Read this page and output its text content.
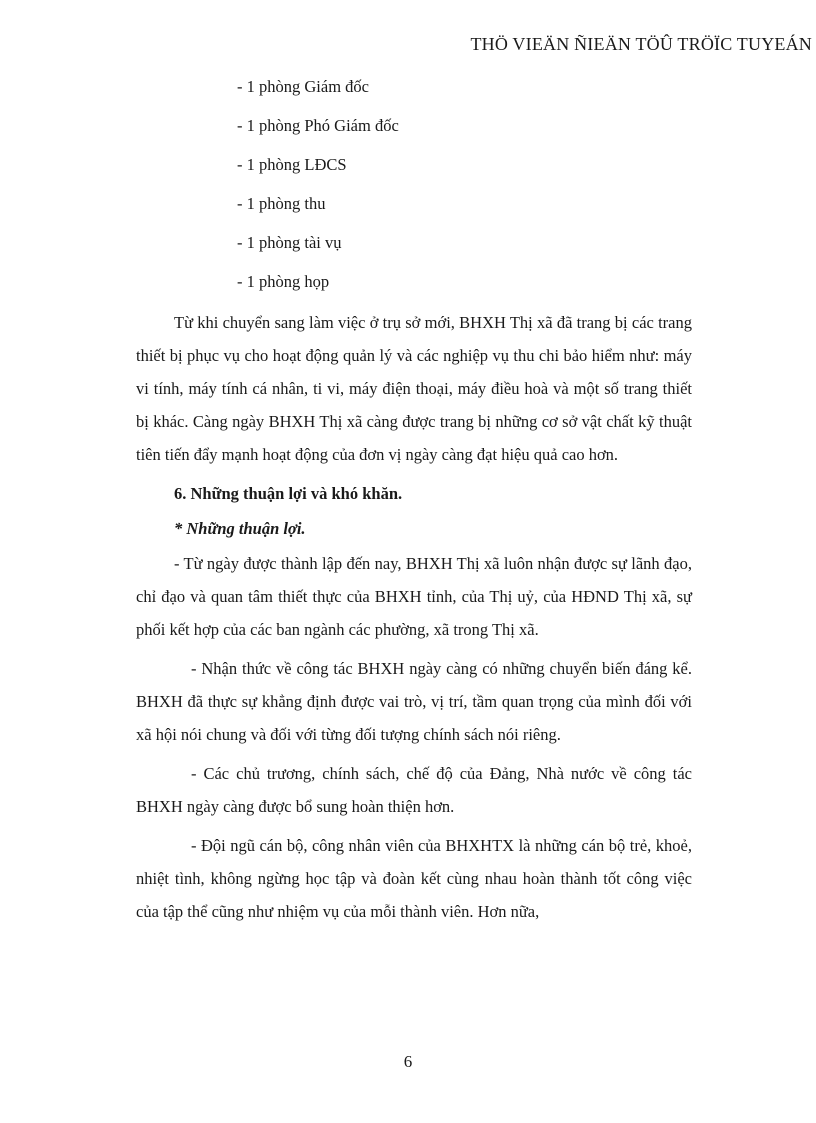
THÖ VIEÄN ÑIEÄN TÖÛ TRÖÏC TUYEÁN
- 1 phòng Giám đốc
- 1 phòng Phó Giám đốc
- 1 phòng LĐCS
- 1 phòng thu
- 1 phòng tài vụ
- 1 phòng họp

Từ khi chuyển sang làm việc ở trụ sở mới, BHXH Thị xã đã trang bị các trang thiết bị phục vụ cho hoạt động quản lý và các nghiệp vụ thu chi bảo hiểm như: máy vi tính, máy tính cá nhân, ti vi, máy điện thoại, máy điều hoà và một số trang thiết bị khác. Càng ngày BHXH Thị xã càng được trang bị những cơ sở vật chất kỹ thuật tiên tiến đẩy mạnh hoạt động của đơn vị ngày càng đạt hiệu quả cao hơn.

6. Những thuận lợi và khó khăn.

* Những thuận lợi.

- Từ ngày được thành lập đến nay, BHXH Thị xã luôn nhận được sự lãnh đạo, chỉ đạo và quan tâm thiết thực của BHXH tỉnh, của Thị uỷ, của HĐND Thị xã, sự phối kết hợp của các ban ngành các phường, xã trong Thị xã.

- Nhận thức về công tác BHXH ngày càng có những chuyển biến đáng kể. BHXH đã thực sự khẳng định được vai trò, vị trí, tầm quan trọng của mình đối với xã hội nói chung và đối với từng đối tượng chính sách nói riêng.

- Các chủ trương, chính sách, chế độ của Đảng, Nhà nước về công tác BHXH ngày càng được bổ sung hoàn thiện hơn.

- Đội ngũ cán bộ, công nhân viên của BHXHTX là những cán bộ trẻ, khoẻ, nhiệt tình, không ngừng học tập và đoàn kết cùng nhau hoàn thành tốt công việc của tập thể cũng như nhiệm vụ của mỗi thành viên. Hơn nữa,

6
